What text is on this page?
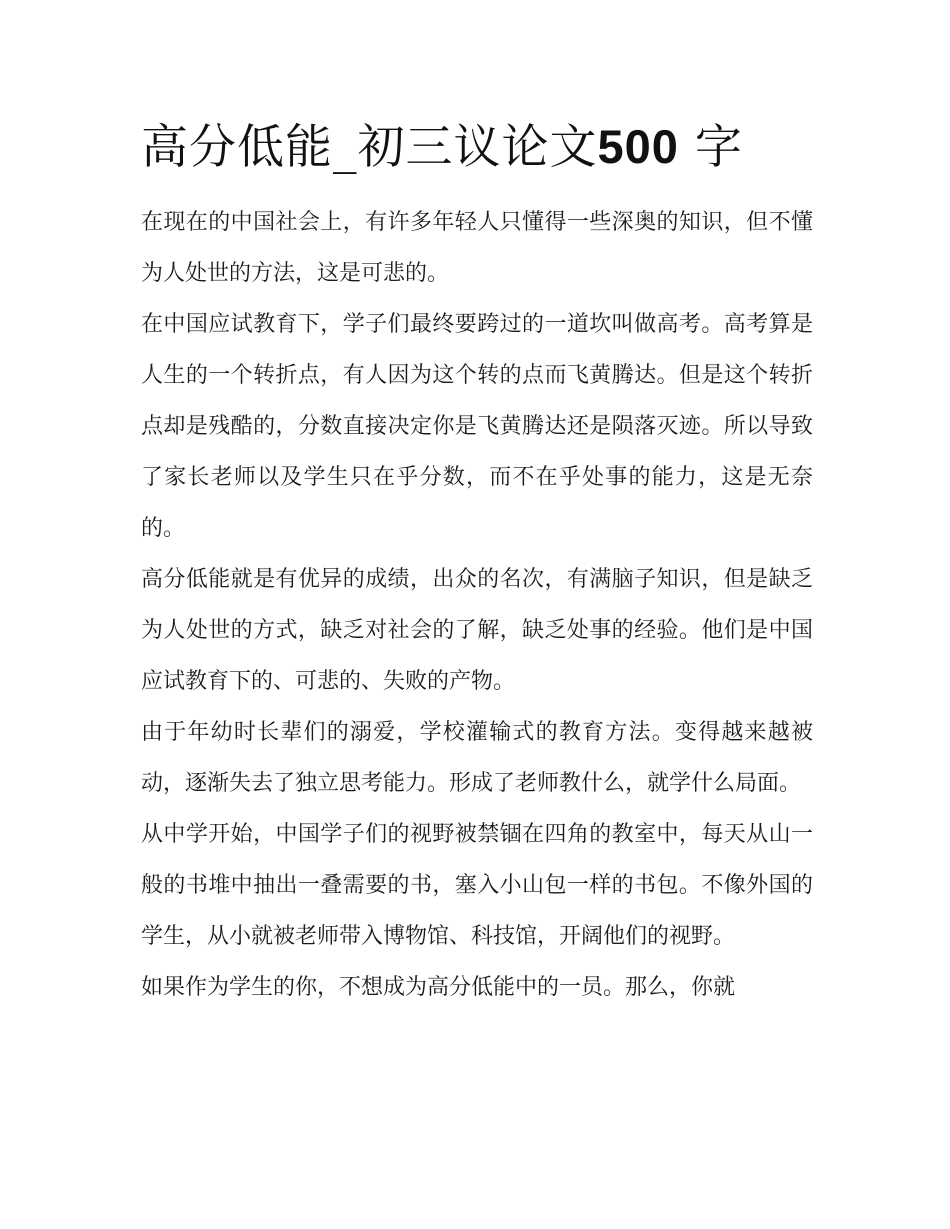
高分低能_初三议论文500 字

在现在的中国社会上，有许多年轻人只懂得一些深奥的知识，但不懂为人处世的方法，这是可悲的。

在中国应试教育下，学子们最终要跨过的一道坎叫做高考。高考算是人生的一个转折点，有人因为这个转的点而飞黄腾达。但是这个转折点却是残酷的，分数直接决定你是飞黄腾达还是陨落灭迹。所以导致了家长老师以及学生只在乎分数，而不在乎处事的能力，这是无奈的。

高分低能就是有优异的成绩，出众的名次，有满脑子知识，但是缺乏为人处世的方式，缺乏对社会的了解，缺乏处事的经验。他们是中国应试教育下的、可悲的、失败的产物。

由于年幼时长辈们的溺爱，学校灌输式的教育方法。变得越来越被动，逐渐失去了独立思考能力。形成了老师教什么，就学什么局面。

从中学开始，中国学子们的视野被禁锢在四角的教室中，每天从山一般的书堆中抽出一叠需要的书，塞入小山包一样的书包。不像外国的学生，从小就被老师带入博物馆、科技馆，开阔他们的视野。

如果作为学生的你，不想成为高分低能中的一员。那么，你就
